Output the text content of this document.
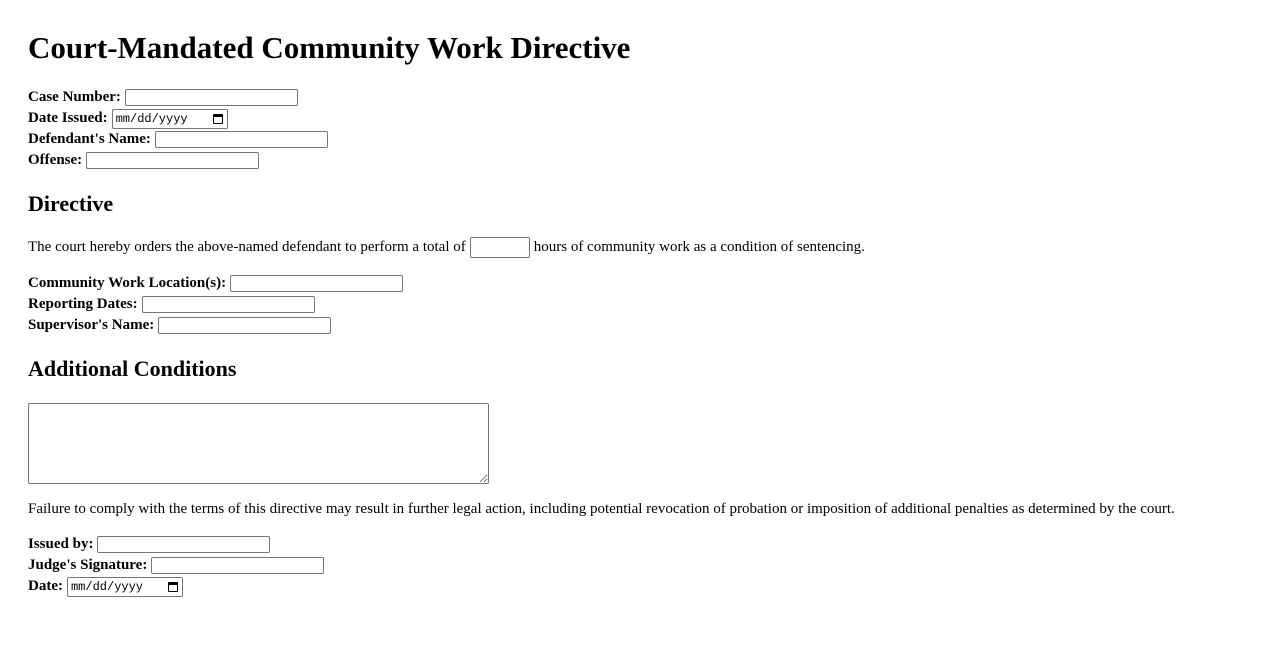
Court-Mandated Community Work Directive
Case Number:
Date Issued: mm/dd/yyyy
Defendant's Name:
Offense:
Directive
The court hereby orders the above-named defendant to perform a total of	hours of community work as a condition of sentencing.
Community Work Location(s):
Reporting Dates:
Supervisor's Name:
Additional Conditions

Failure to comply with the terms of this directive may result in further legal action, including potential revocation of probation or imposition of additional penalties as determined by the court.

Issued by:
Judge's Signature:
Date: mm/dd/yyyy
